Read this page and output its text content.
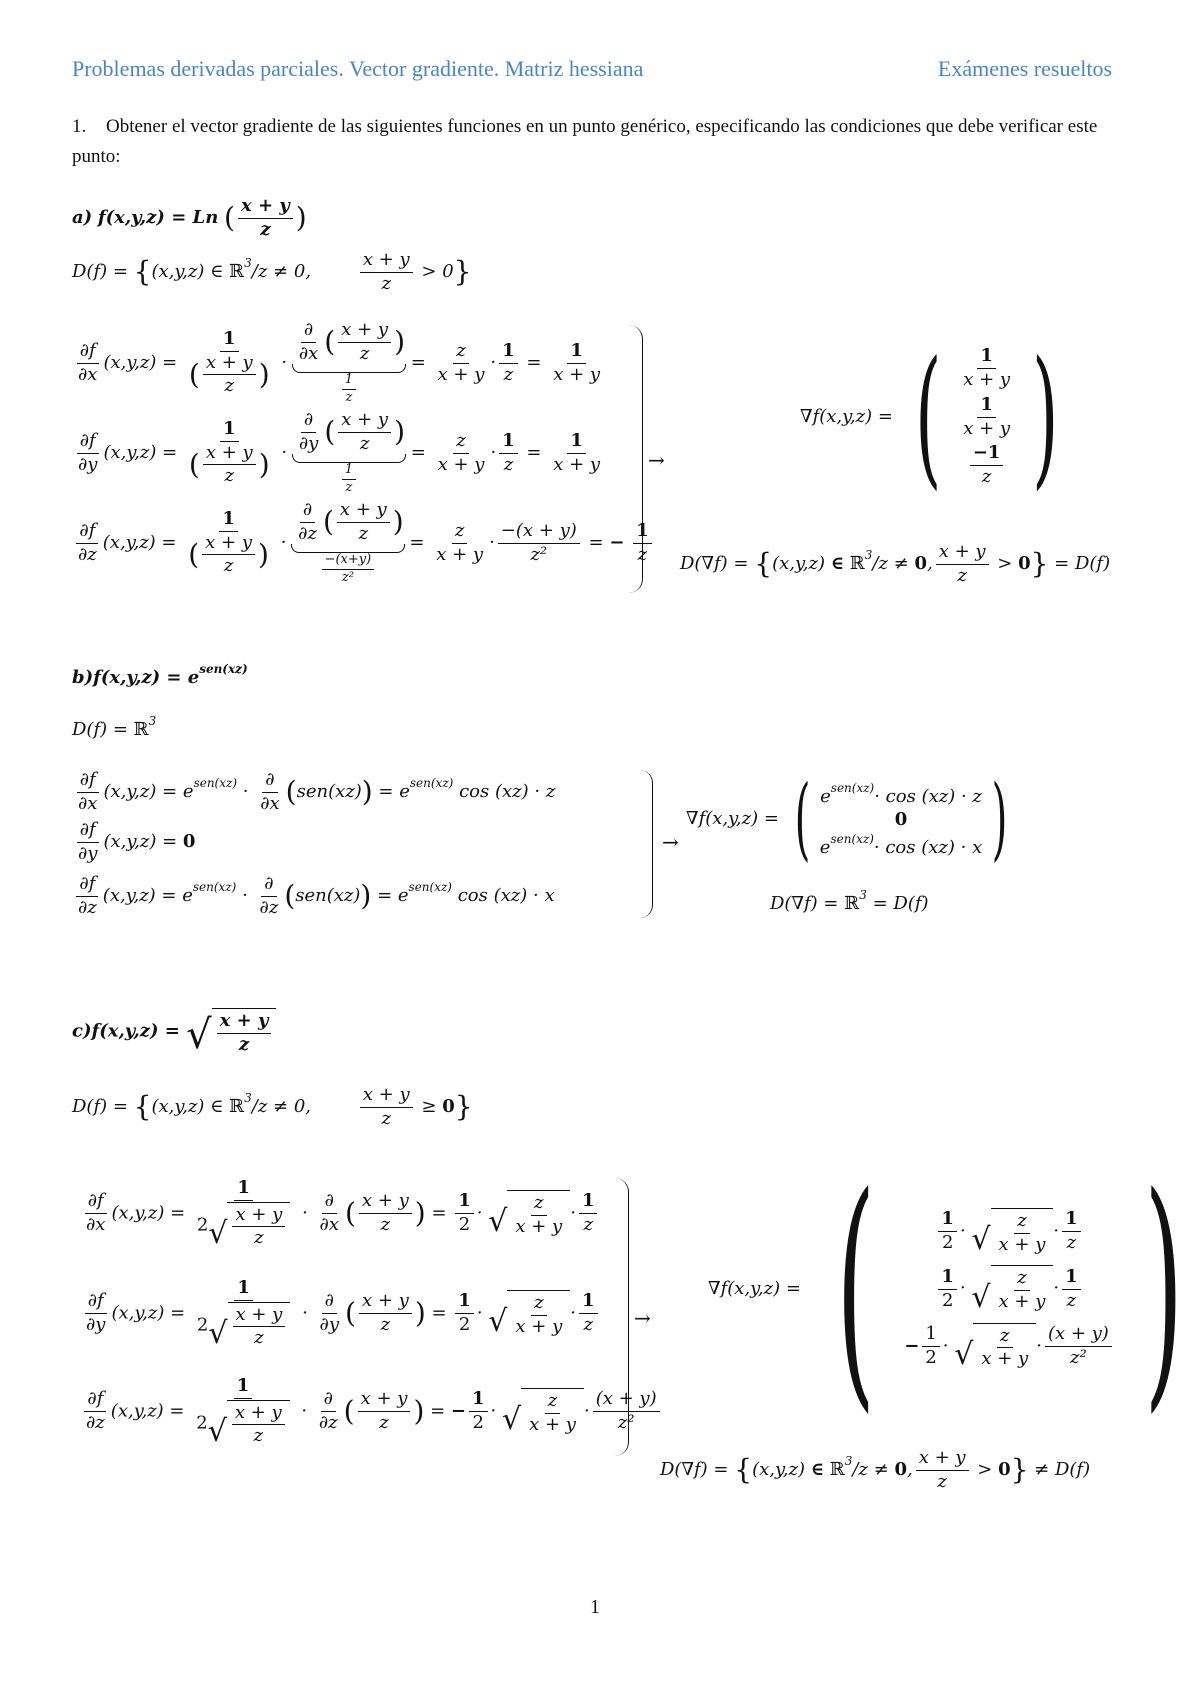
Problemas derivadas parciales. Vector gradiente. Matriz hessiana	Exámenes resueltos
1. Obtener el vector gradiente de las siguientes funciones en un punto genérico, especificando las condiciones que debe verificar este punto:
a) f(x,y,z) = Ln ( $\frac{x + y}{z}$ )
D(f) = {(x,y,z) ∈ ℝ$^3$/z ≠ 0, $\frac{x + y}{z} > 0$}
$\frac{\partial f}{\partial x} (x,y,z) = \frac{1}{( \frac{x + y}{z} )} \cdot \frac{\partial}{\partial x}$ ( $\frac{x + y}{z}$ )
$\frac{1}{z}$
= $\frac{z}{x + y} \cdot \frac{1}{z} = \frac{1}{x + y}$
$\frac{\partial f}{\partial y} (x,y,z) = \frac{1}{( \frac{x + y}{z} )} \cdot \frac{\partial}{\partial y}$ ( $\frac{x + y}{z}$ )
$\frac{1}{z}$
= $\frac{z}{x + y} \cdot \frac{1}{z} = \frac{1}{x + y}$
$\frac{\partial f}{\partial z} (x,y,z) = \frac{1}{( \frac{x + y}{z} )} \cdot \frac{\partial}{\partial z}$ ( $\frac{x + y}{z}$ )
$\frac{-(x+y)}{\text{z²}}$
= $\frac{z}{x + y} \cdot \frac{-(x + y)}{\text{z²}}$ = − $\frac{1}{z}$
→
∇f(x,y,z) = ( $\frac{1}{x + y}$
$\frac{1}{x + y}$
$\frac{-1}{z}$ )
D(∇f) = {(x,y,z) ∈ ℝ$^3$/z ≠ 0, $\frac{x + y}{z} > 0\} = D(f)$
$b)f(x,y,z) = e^{sen(xz)}$
D(f) = ℝ$^3$
$\frac{\partial f}{\partial x} (x,y,z) = e^{sen(xz)} \cdot \frac{\partial}{\partial x} (sen(xz)) = e^{sen(xz)}$ cos (xz) · z
$\frac{\partial f}{\partial y} (x,y,z) = 0$
$\frac{\partial f}{\partial z} (x,y,z) = e^{sen(xz)} \cdot \frac{\partial}{\partial z} (sen(xz)) = e^{sen(xz)}$ cos (xz) · x
→
∇f(x,y,z) = ( $e^{sen(xz)}\cdot \cos (xz) \cdot z$
0
$e^{sen(xz)}\cdot \cos (xz) \cdot x$ )
D(∇f) = ℝ$^3$ = D(f)
c)f(x,y,z) = √ $\frac{x + y}{z}$
D(f) = {(x,y,z) ∈ ℝ$^3$/z ≠ 0, $\frac{x + y}{z} \ge 0$}
$\frac{\partial f}{\partial x} (x,y,z) = \frac{1}{2 √ \frac{x + y}{z}} \cdot \frac{\partial}{\partial x}$ ( $\frac{x + y}{z}$ ) = $\frac{1}{2}$ · √ $\frac{z}{x + y} \cdot \frac{1}{z}$
$\frac{\partial f}{\partial y} (x,y,z) = \frac{1}{2 √ \frac{x + y}{z}} \cdot \frac{\partial}{\partial y}$ ( $\frac{x + y}{z}$ ) = $\frac{1}{2}$ · √ $\frac{z}{x + y} \cdot \frac{1}{z}$
$\frac{\partial f}{\partial z} (x,y,z) = \frac{1}{2 √ \frac{x + y}{z}} \cdot \frac{\partial}{\partial z}$ ( $\frac{x + y}{z}$ ) = − $\frac{1}{2}$ · √ $\frac{z}{x + y} \cdot \frac{(x + y)}{\text{z²}}$
→
∇f(x,y,z) = (	$\frac{1}{2}$ · √ $\frac{z}{x + y} \cdot \frac{1}{z}$
$\frac{1}{2}$ · √ $\frac{z}{x + y} \cdot \frac{1}{z}$
− $\frac{1}{2}$ · √ $\frac{z}{x + y} \cdot \frac{(x + y)}{\text{z²}}$ )
D(∇f) = {(x,y,z) ∈ ℝ$^3$/z ≠ 0, $\frac{x + y}{z} > 0\} \ne D(f)$
1
